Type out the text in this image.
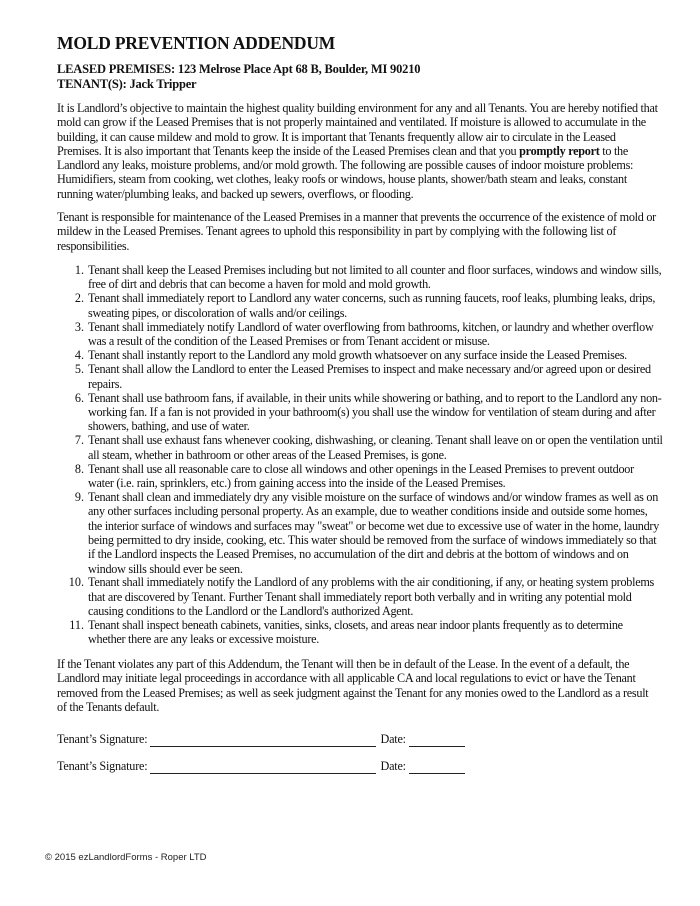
MOLD PREVENTION ADDENDUM
LEASED PREMISES: 123 Melrose Place Apt 68 B, Boulder, MI 90210
TENANT(S): Jack Tripper
It is Landlord’s objective to maintain the highest quality building environment for any and all Tenants. You are hereby notified that
mold can grow if the Leased Premises that is not properly maintained and ventilated. If moisture is allowed to accumulate in the
building, it can cause mildew and mold to grow. It is important that Tenants frequently allow air to circulate in the Leased
Premises. It is also important that Tenants keep the inside of the Leased Premises clean and that you promptly report to the
Landlord any leaks, moisture problems, and/or mold growth. The following are possible causes of indoor moisture problems:
Humidifiers, steam from cooking, wet clothes, leaky roofs or windows, house plants, shower/bath steam and leaks, constant
running water/plumbing leaks, and backed up sewers, overflows, or flooding.
Tenant is responsible for maintenance of the Leased Premises in a manner that prevents the occurrence of the existence of mold or
mildew in the Leased Premises. Tenant agrees to uphold this responsibility in part by complying with the following list of
responsibilities.
1. Tenant shall keep the Leased Premises including but not limited to all counter and floor surfaces, windows and window sills,
free of dirt and debris that can become a haven for mold and mold growth.
2. Tenant shall immediately report to Landlord any water concerns, such as running faucets, roof leaks, plumbing leaks, drips,
sweating pipes, or discoloration of walls and/or ceilings.
3. Tenant shall immediately notify Landlord of water overflowing from bathrooms, kitchen, or laundry and whether overflow
was a result of the condition of the Leased Premises or from Tenant accident or misuse.
4. Tenant shall instantly report to the Landlord any mold growth whatsoever on any surface inside the Leased Premises.
5. Tenant shall allow the Landlord to enter the Leased Premises to inspect and make necessary and/or agreed upon or desired
repairs.
6. Tenant shall use bathroom fans, if available, in their units while showering or bathing, and to report to the Landlord any non-
working fan. If a fan is not provided in your bathroom(s) you shall use the window for ventilation of steam during and after
showers, bathing, and use of water.
7. Tenant shall use exhaust fans whenever cooking, dishwashing, or cleaning. Tenant shall leave on or open the ventilation until
all steam, whether in bathroom or other areas of the Leased Premises, is gone.
8. Tenant shall use all reasonable care to close all windows and other openings in the Leased Premises to prevent outdoor
water (i.e. rain, sprinklers, etc.) from gaining access into the inside of the Leased Premises.
9. Tenant shall clean and immediately dry any visible moisture on the surface of windows and/or window frames as well as on
any other surfaces including personal property. As an example, due to weather conditions inside and outside some homes,
the interior surface of windows and surfaces may "sweat" or become wet due to excessive use of water in the home, laundry
being permitted to dry inside, cooking, etc. This water should be removed from the surface of windows immediately so that
if the Landlord inspects the Leased Premises, no accumulation of the dirt and debris at the bottom of windows and on
window sills should ever be seen.
10. Tenant shall immediately notify the Landlord of any problems with the air conditioning, if any, or heating system problems
that are discovered by Tenant. Further Tenant shall immediately report both verbally and in writing any potential mold
causing conditions to the Landlord or the Landlord's authorized Agent.
11. Tenant shall inspect beneath cabinets, vanities, sinks, closets, and areas near indoor plants frequently as to determine
whether there are any leaks or excessive moisture.
If the Tenant violates any part of this Addendum, the Tenant will then be in default of the Lease. In the event of a default, the
Landlord may initiate legal proceedings in accordance with all applicable CA and local regulations to evict or have the Tenant
removed from the Leased Premises; as well as seek judgment against the Tenant for any monies owed to the Landlord as a result
of the Tenants default.
Tenant’s Signature:	Date:
Tenant’s Signature:	Date:
© 2015 ezLandlordForms - Roper LTD
